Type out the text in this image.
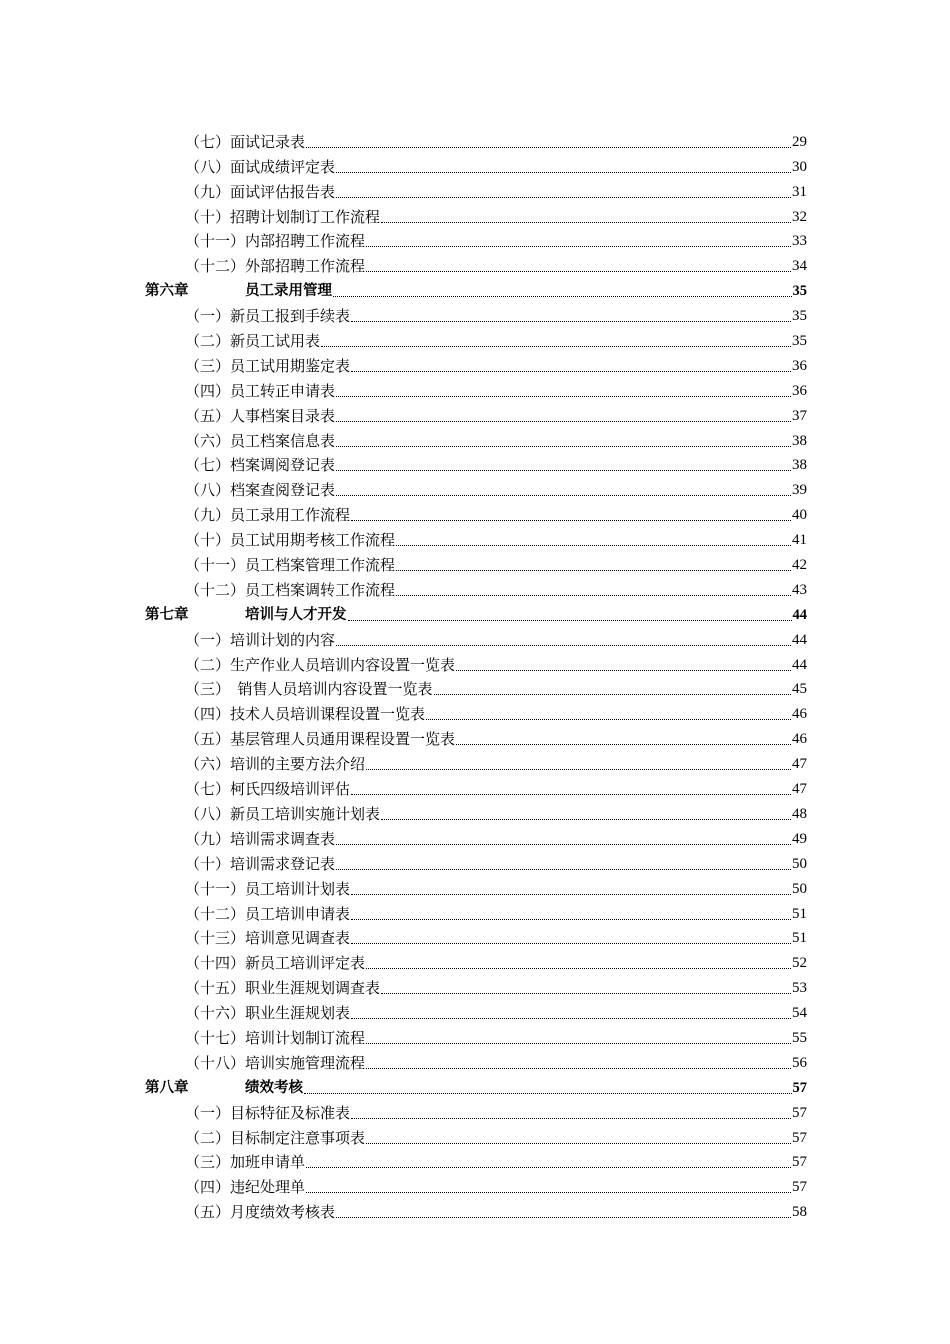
（七）面试记录表	29
（八）面试成绩评定表	30
（九）面试评估报告表	31
（十）招聘计划制订工作流程	32
（十一）内部招聘工作流程	33
（十二）外部招聘工作流程	34
第六章	员工录用管理	35
（一）新员工报到手续表	35
（二）新员工试用表	35
（三）员工试用期鉴定表	36
（四）员工转正申请表	36
（五）人事档案目录表	37
（六）员工档案信息表	38
（七）档案调阅登记表	38
（八）档案查阅登记表	39
（九）员工录用工作流程	40
（十）员工试用期考核工作流程	41
（十一）员工档案管理工作流程	42
（十二）员工档案调转工作流程	43
第七章	培训与人才开发	44
（一）培训计划的内容	44
（二）生产作业人员培训内容设置一览表	44
（三）　销售人员培训内容设置一览表	45
（四）技术人员培训课程设置一览表	46
（五）基层管理人员通用课程设置一览表	46
（六）培训的主要方法介绍	47
（七）柯氏四级培训评估	47
（八）新员工培训实施计划表	48
（九）培训需求调查表	49
（十）培训需求登记表	50
（十一）员工培训计划表	50
（十二）员工培训申请表	51
（十三）培训意见调查表	51
（十四）新员工培训评定表	52
（十五）职业生涯规划调查表	53
（十六）职业生涯规划表	54
（十七）培训计划制订流程	55
（十八）培训实施管理流程	56
第八章	绩效考核	57
（一）目标特征及标准表	57
（二）目标制定注意事项表	57
（三）加班申请单	57
（四）违纪处理单	57
（五）月度绩效考核表	58
